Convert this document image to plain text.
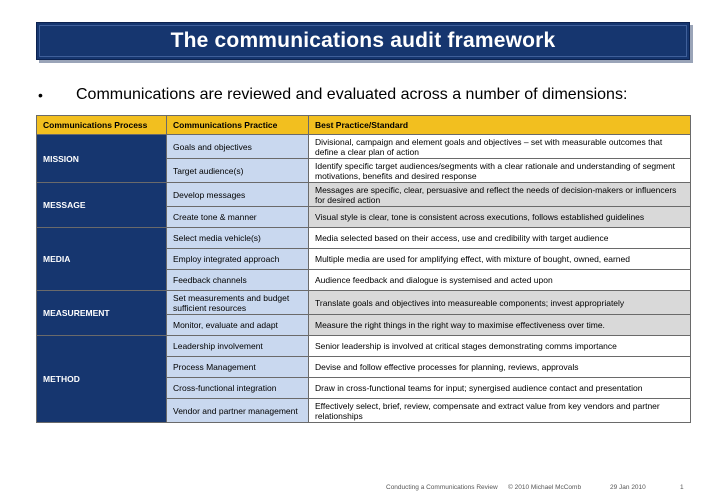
The communications audit framework
•	Communications are reviewed and evaluated across a number of dimensions:
Communications Process	Communications Practice	Best Practice/Standard
MISSION	Goals and objectives	Divisional, campaign and element goals and objectives – set with measurable outcomes that define a clear plan of action
	Target audience(s)	Identify specific target audiences/segments with a clear rationale and understanding of segment motivations, benefits and desired response
MESSAGE	Develop messages	Messages are specific, clear, persuasive and reflect the needs of decision-makers or influencers for desired action
	Create tone & manner	Visual style is clear, tone is consistent across executions, follows established guidelines
MEDIA	Select media vehicle(s)	Media selected based on their access, use and credibility with target audience
	Employ integrated approach	Multiple media are used for amplifying effect, with mixture of bought, owned, earned
	Feedback channels	Audience feedback and dialogue is systemised and acted upon
MEASUREMENT	Set measurements and budget sufficient resources	Translate goals and objectives into measureable components; invest appropriately
	Monitor, evaluate and adapt	Measure the right things in the right way to maximise effectiveness over time.
METHOD	Leadership involvement	Senior leadership is involved at critical stages demonstrating comms importance
	Process Management	Devise and follow effective processes for planning, reviews, approvals
	Cross-functional integration	Draw in cross-functional teams for input; synergised audience contact and presentation
	Vendor and partner management	Effectively select, brief, review, compensate and extract value from key vendors and partner relationships
Conducting a Communications Review © 2010 Michael McComb	29 Jan 2010	1
